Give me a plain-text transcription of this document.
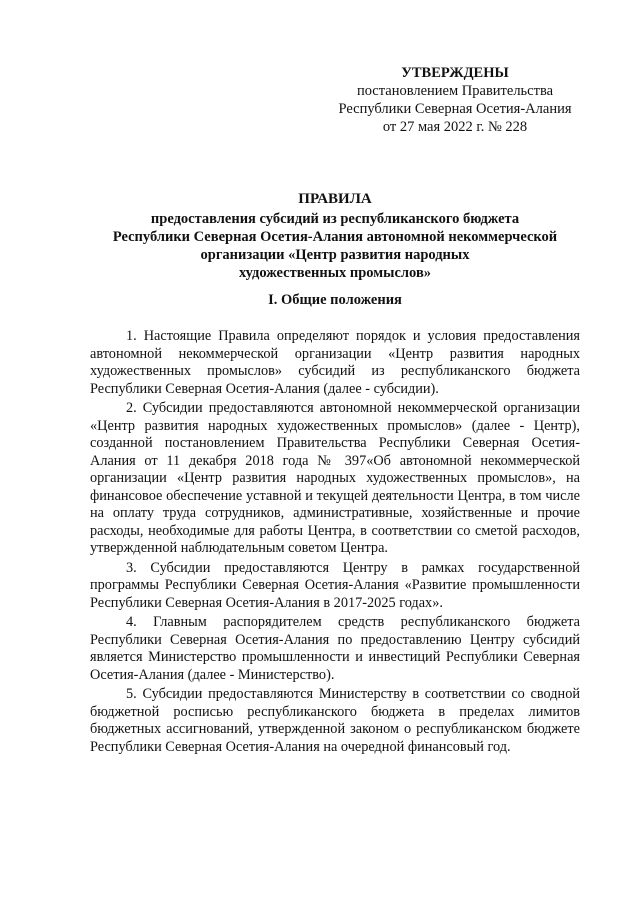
УТВЕРЖДЕНЫ
постановлением Правительства
Республики Северная Осетия-Алания
от 27 мая 2022 г. № 228
ПРАВИЛА
предоставления субсидий из республиканского бюджета
Республики Северная Осетия-Алания автономной некоммерческой
организации «Центр развития народных
художественных промыслов»
I. Общие положения

1. Настоящие Правила определяют порядок и условия предоставления автономной некоммерческой организации «Центр развития народных художественных промыслов» субсидий из республиканского бюджета Республики Северная Осетия-Алания (далее - субсидии).

2. Субсидии предоставляются автономной некоммерческой организации «Центр развития народных художественных промыслов» (далее - Центр), созданной постановлением Правительства Республики Северная Осетия-Алания от 11 декабря 2018 года № 397«Об автономной некоммерческой организации «Центр развития народных художественных промыслов», на финансовое обеспечение уставной и текущей деятельности Центра, в том числе на оплату труда сотрудников, административные, хозяйственные и прочие расходы, необходимые для работы Центра, в соответствии со сметой расходов, утвержденной наблюдательным советом Центра.

3. Субсидии предоставляются Центру в рамках государственной программы Республики Северная Осетия-Алания «Развитие промышленности Республики Северная Осетия-Алания в 2017-2025 годах».

4. Главным распорядителем средств республиканского бюджета Республики Северная Осетия-Алания по предоставлению Центру субсидий является Министерство промышленности и инвестиций Республики Северная Осетия-Алания (далее - Министерство).

5. Субсидии предоставляются Министерству в соответствии со сводной бюджетной росписью республиканского бюджета в пределах лимитов бюджетных ассигнований, утвержденной законом о республиканском бюджете Республики Северная Осетия-Алания на очередной финансовый год.
